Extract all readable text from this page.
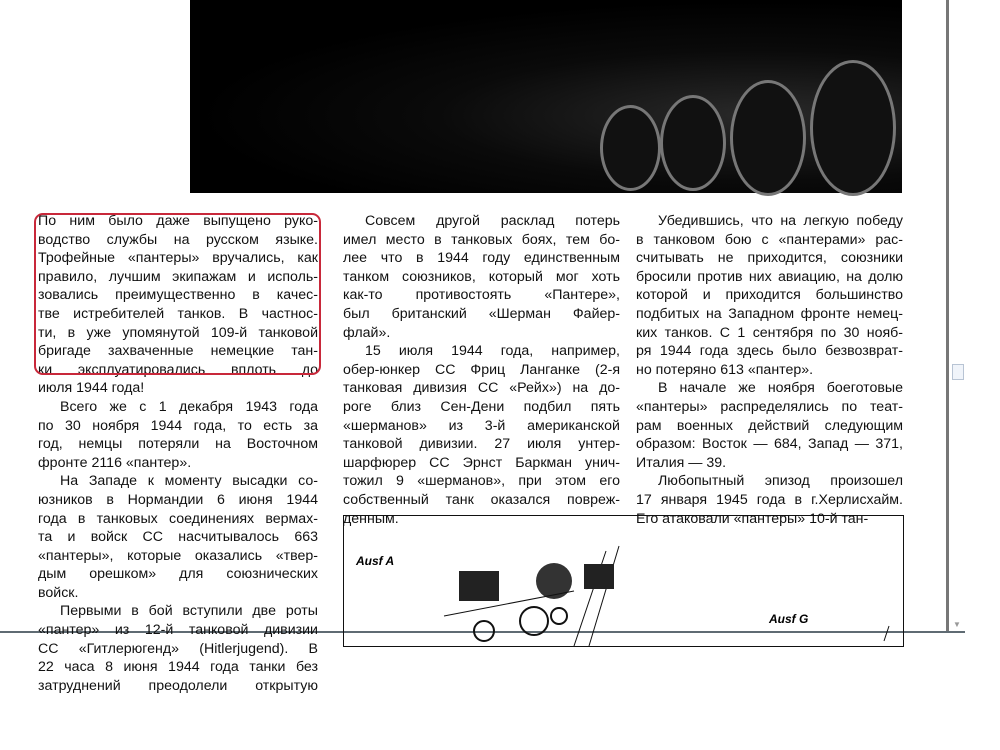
По ним было даже выпущено руко-
водство службы на русском языке.
Трофейные «пантеры» вручались, как
правило, лучшим экипажам и исполь-
зовались преимущественно в качес-
тве истребителей танков. В частнос-
ти, в уже упомянутой 109-й танковой
бригаде захваченные немецкие тан-
ки эксплуатировались вплоть до
июля 1944 года!
Всего же с 1 декабря 1943 года
по 30 ноября 1944 года, то есть за
год, немцы потеряли на Восточном
фронте 2116 «пантер».
На Западе к моменту высадки со-
юзников в Нормандии 6 июня 1944
года в танковых соединениях вермах-
та и войск СС насчитывалось 663
«пантеры», которые оказались «твер-
дым орешком» для союзнических
войск.
Первыми в бой вступили две роты
«пантер» из 12-й танковой дивизии
СС «Гитлерюгенд» (Hitlerjugend). В
22 часа 8 июня 1944 года танки без
затруднений преодолели открытую
Совсем другой расклад потерь
имел место в танковых боях, тем бо-
лее что в 1944 году единственным
танком союзников, который мог хоть
как-то противостоять «Пантере»,
был британский «Шерман Файер-
флай».
15 июля 1944 года, например,
обер-юнкер СС Фриц Ланганке (2-я
танковая дивизия СС «Рейх») на до-
роге близ Сен-Дени подбил пять
«шерманов» из 3-й американской
танковой дивизии. 27 июля унтер-
шарфюрер СС Эрнст Баркман унич-
тожил 9 «шерманов», при этом его
собственный танк оказался повреж-
денным.
Убедившись, что на легкую победу
в танковом бою с «пантерами» рас-
считывать не приходится, союзники
бросили против них авиацию, на долю
которой и приходится большинство
подбитых на Западном фронте немец-
ких танков. С 1 сентября по 30 нояб-
ря 1944 года здесь было безвозврат-
но потеряно 613 «пантер».
В начале же ноября боеготовые
«пантеры» распределялись по теат-
рам военных действий следующим
образом: Восток — 684, Запад — 371,
Италия — 39.
Любопытный эпизод произошел
17 января 1945 года в г.Херлисхайм.
Его атаковали «пантеры» 10-й тан-
Ausf A
Ausf G	▼
